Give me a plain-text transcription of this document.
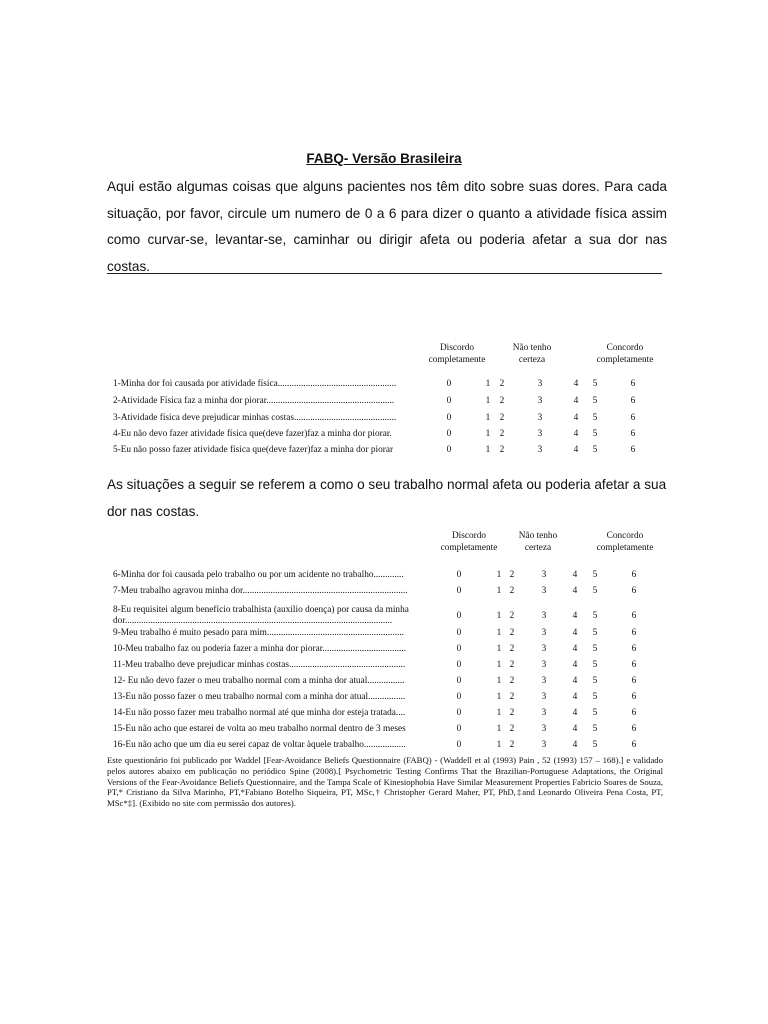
FABQ- Versão Brasileira
Aqui estão algumas coisas que alguns pacientes nos têm dito sobre suas dores. Para cada situação, por favor, circule um numero de 0 a 6 para dizer o quanto a atividade física assim como curvar-se, levantar-se, caminhar ou dirigir afeta ou poderia afetar a sua dor nas costas.
Discordo completamente
Não tenho certeza
Concordo completamente
1-Minha dor foi causada por atividade física...................................................	0	1 2	3	4 5	6
2-Atividade Física faz a minha dor piorar.......................................................	0	1 2	3	4 5	6
3-Atividade física deve prejudicar minhas costas............................................	0	1 2	3	4 5	6
4-Eu não devo fazer atividade física que(deve fazer)faz a minha dor piorar.	0	1 2	3	4 5	6
5-Eu não posso fazer atividade física que(deve fazer)faz a minha dor piorar	0	1 2	3	4 5	6
As situações a seguir se referem a como o seu trabalho normal afeta ou poderia afetar a sua dor nas costas.
Discordo completamente
Não tenho certeza
Concordo completamente
6-Minha dor foi causada pelo trabalho ou por um acidente no trabalho.............	0	1 2	3	4 5	6
7-Meu trabalho agravou minha dor.......................................................................	0	1 2	3	4 5	6
8-Eu requisitei algum benefício trabalhista (auxilio doença) por causa da minha dor...................................................................................................................	0	1 2	3	4 5	6
9-Meu trabalho é muito pesado para mim...........................................................	0	1 2	3	4 5	6
10-Meu trabalho faz ou poderia fazer a minha dor piorar....................................	0	1 2	3	4 5	6
11-Meu trabalho deve prejudicar minhas costas..................................................	0	1 2	3	4 5	6
12- Eu não devo fazer o meu trabalho normal com a minha dor atual................	0	1 2	3	4 5	6
13-Eu não posso fazer o meu trabalho normal com a minha dor atual................	0	1 2	3	4 5	6
14-Eu não posso fazer meu trabalho normal até que minha dor esteja tratada....	0	1 2	3	4 5	6
15-Eu não acho que estarei de volta ao meu trabalho normal dentro de 3 meses	0	1 2	3	4 5	6
16-Eu não acho que um dia eu serei capaz de voltar àquele trabalho..................	0	1 2	3	4 5	6
Este questionário foi publicado por Waddel [Fear-Avoidance Beliefs Questionnaire (FABQ) - (Waddell et al (1993) Pain , 52 (1993) 157 – 168).] e validado pelos autores abaixo em publicação no periódico Spine (2008).[ Psychometric Testing Confirms That the Brazilian-Portuguese Adaptations, the Original Versions of the Fear-Avoidance Beliefs Questionnaire, and the Tampa Scale of Kinesiophobia Have Similar Measurement Properties Fabricio Soares de Souza, PT,* Cristiano da Silva Marinho, PT,*Fabiano Botelho Siqueira, PT, MSc,† Christopher Gerard Maher, PT, PhD,‡and Leonardo Oliveira Pena Costa, PT, MSc*‡]. (Exibido no site com permissão dos autores).
